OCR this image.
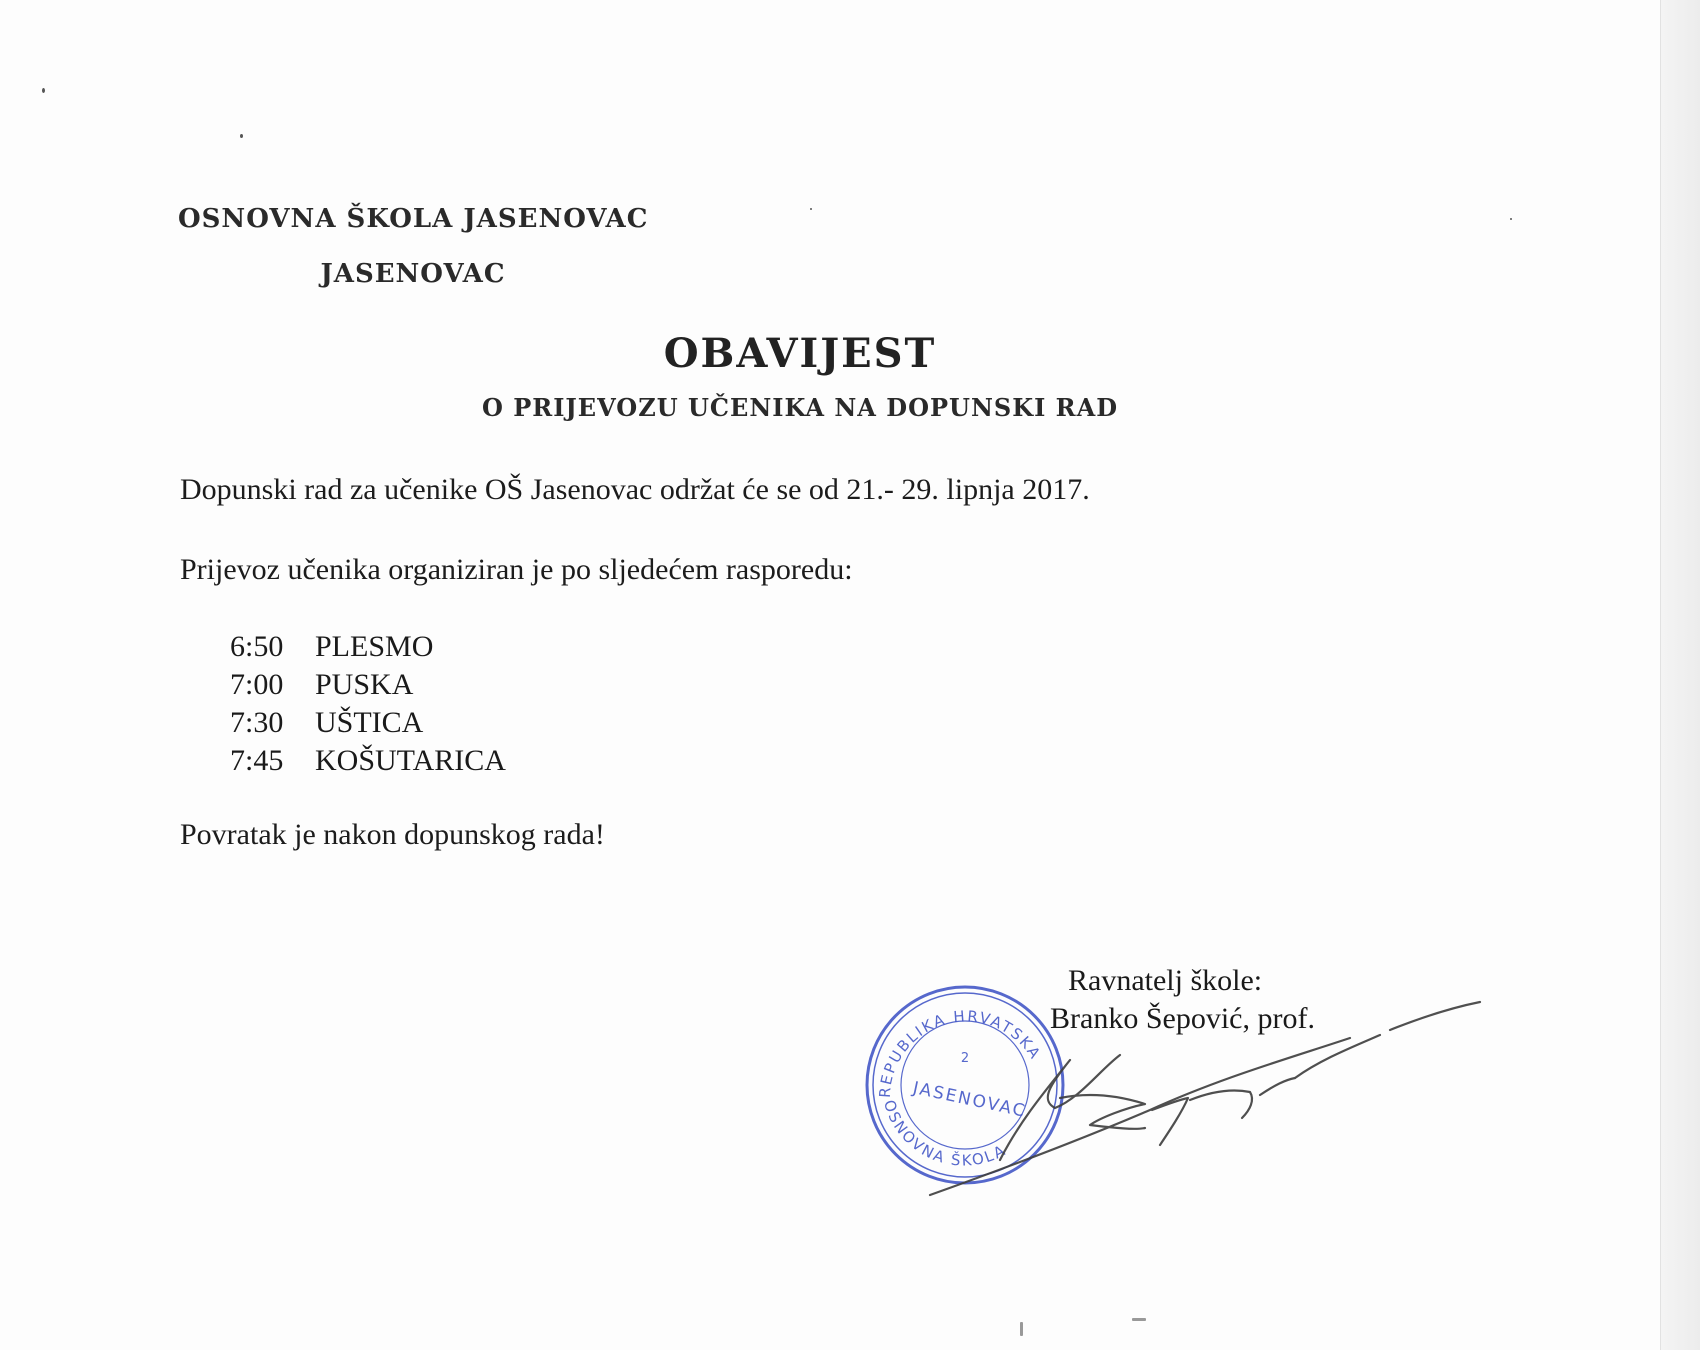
OSNOVNA ŠKOLA JASENOVAC
JASENOVAC
OBAVIJEST
O PRIJEVOZU UČENIKA NA DOPUNSKI RAD
Dopunski rad za učenike OŠ Jasenovac održat će se od 21.- 29. lipnja 2017.
Prijevoz učenika organiziran je po sljedećem rasporedu:
6:50	PLESMO
7:00	PUSKA
7:30	UŠTICA
7:45	KOŠUTARICA
Povratak je nakon dopunskog rada!
REPUBLIKA HRVATSKA
OSNOVNA ŠKOLA
2
JASENOVAC
Ravnatelj škole:
Branko Šepović, prof.
